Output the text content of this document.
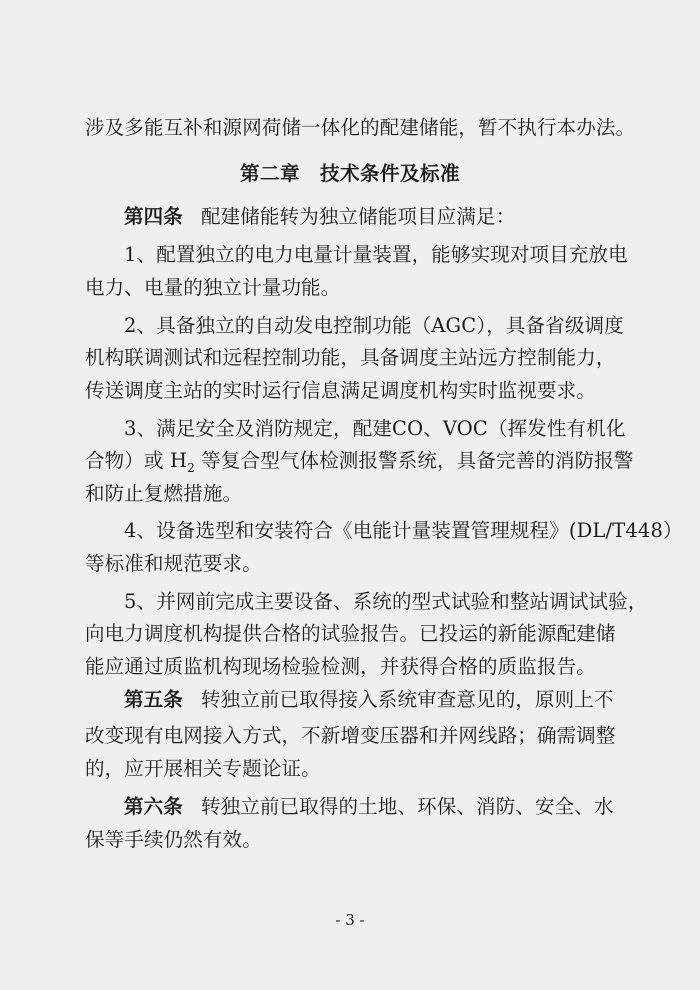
涉及多能互补和源网荷储一体化的配建储能，暂不执行本办法。
第二章　技术条件及标准
第四条 配建储能转为独立储能项目应满足：
1、配置独立的电力电量计量装置，能够实现对项目充放电
电力、电量的独立计量功能。
2、具备独立的自动发电控制功能（AGC），具备省级调度
机构联调测试和远程控制功能，具备调度主站远方控制能力，
传送调度主站的实时运行信息满足调度机构实时监视要求。
3、满足安全及消防规定，配建CO、VOC（挥发性有机化
合物）或 $H_2$ 等复合型气体检测报警系统，具备完善的消防报警
和防止复燃措施。
4、设备选型和安装符合《电能计量装置管理规程》(DL/T448）
等标准和规范要求。
5、并网前完成主要设备、系统的型式试验和整站调试试验，
向电力调度机构提供合格的试验报告。已投运的新能源配建储
能应通过质监机构现场检验检测，并获得合格的质监报告。
第五条 转独立前已取得接入系统审查意见的，原则上不
改变现有电网接入方式，不新增变压器和并网线路；确需调整
的，应开展相关专题论证。
第六条 转独立前已取得的土地、环保、消防、安全、水
保等手续仍然有效。
- 3 -
